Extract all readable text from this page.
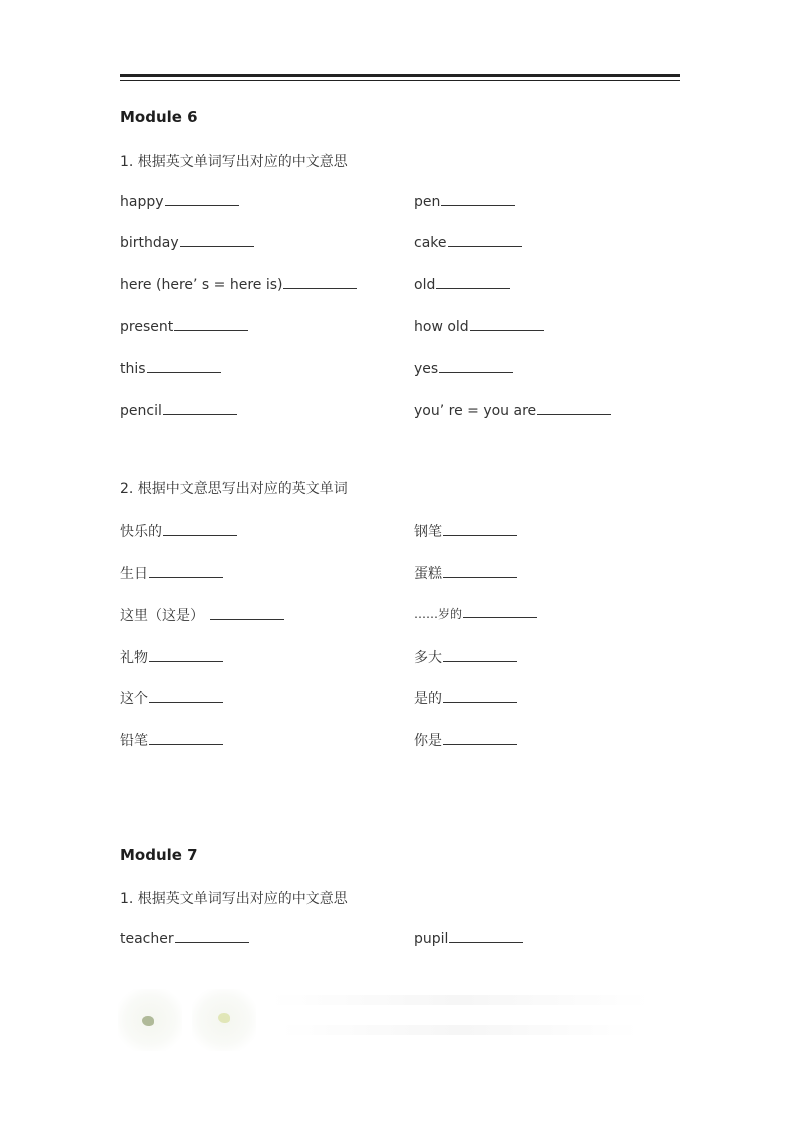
Module 6
1. 根据英文单词写出对应的中文意思
happy
birthday
here (here’ s = here is)
present
this
pencil
pen
cake
old
how old
yes
you’ re = you are
2. 根据中文意思写出对应的英文单词
快乐的
生日
这里（这是）
礼物
这个
铅笔
钢笔
蛋糕
……岁的
多大
是的
你是
Module 7
1. 根据英文单词写出对应的中文意思
teacher	pupil
